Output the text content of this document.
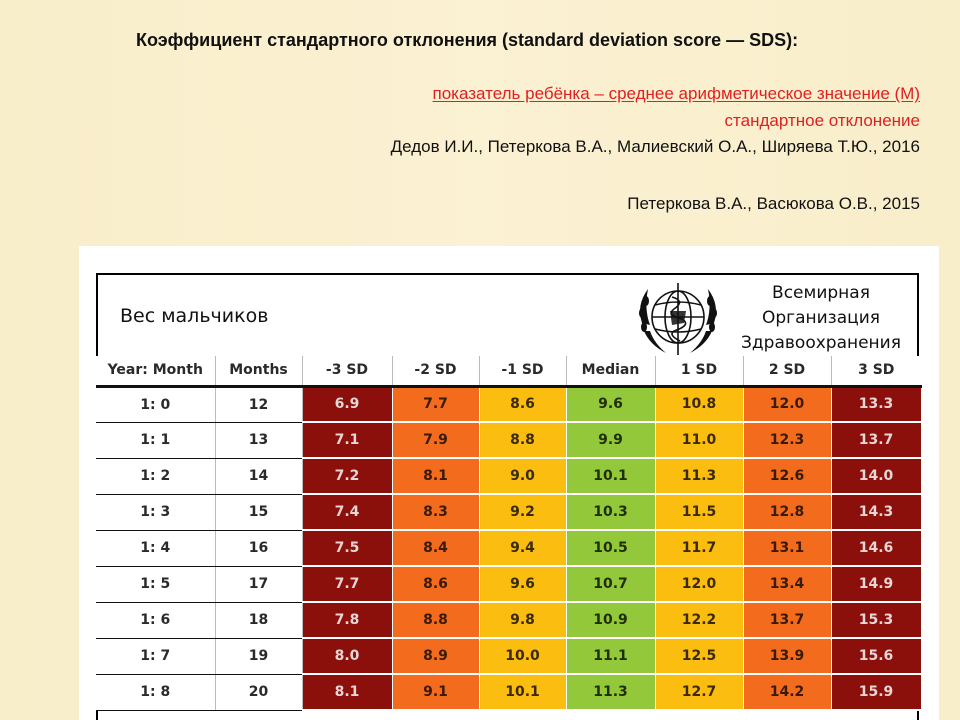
Коэффициент стандартного отклонения (standard deviation score — SDS):
показатель ребёнка – среднее арифметическое значение (М)
стандартное отклонение
Дедов И.И., Петеркова В.А., Малиевский О.А., Ширяева Т.Ю., 2016
Петеркова В.А., Васюкова О.В., 2015
Вес мальчиков
Всемирная
Организация
Здравоохранения
Year: Month	Months	-3 SD	-2 SD	-1 SD	Median	1 SD	2 SD	3 SD
1: 0	12	6.9	7.7	8.6	9.6	10.8	12.0	13.3
1: 1	13	7.1	7.9	8.8	9.9	11.0	12.3	13.7
1: 2	14	7.2	8.1	9.0	10.1	11.3	12.6	14.0
1: 3	15	7.4	8.3	9.2	10.3	11.5	12.8	14.3
1: 4	16	7.5	8.4	9.4	10.5	11.7	13.1	14.6
1: 5	17	7.7	8.6	9.6	10.7	12.0	13.4	14.9
1: 6	18	7.8	8.8	9.8	10.9	12.2	13.7	15.3
1: 7	19	8.0	8.9	10.0	11.1	12.5	13.9	15.6
1: 8	20	8.1	9.1	10.1	11.3	12.7	14.2	15.9
